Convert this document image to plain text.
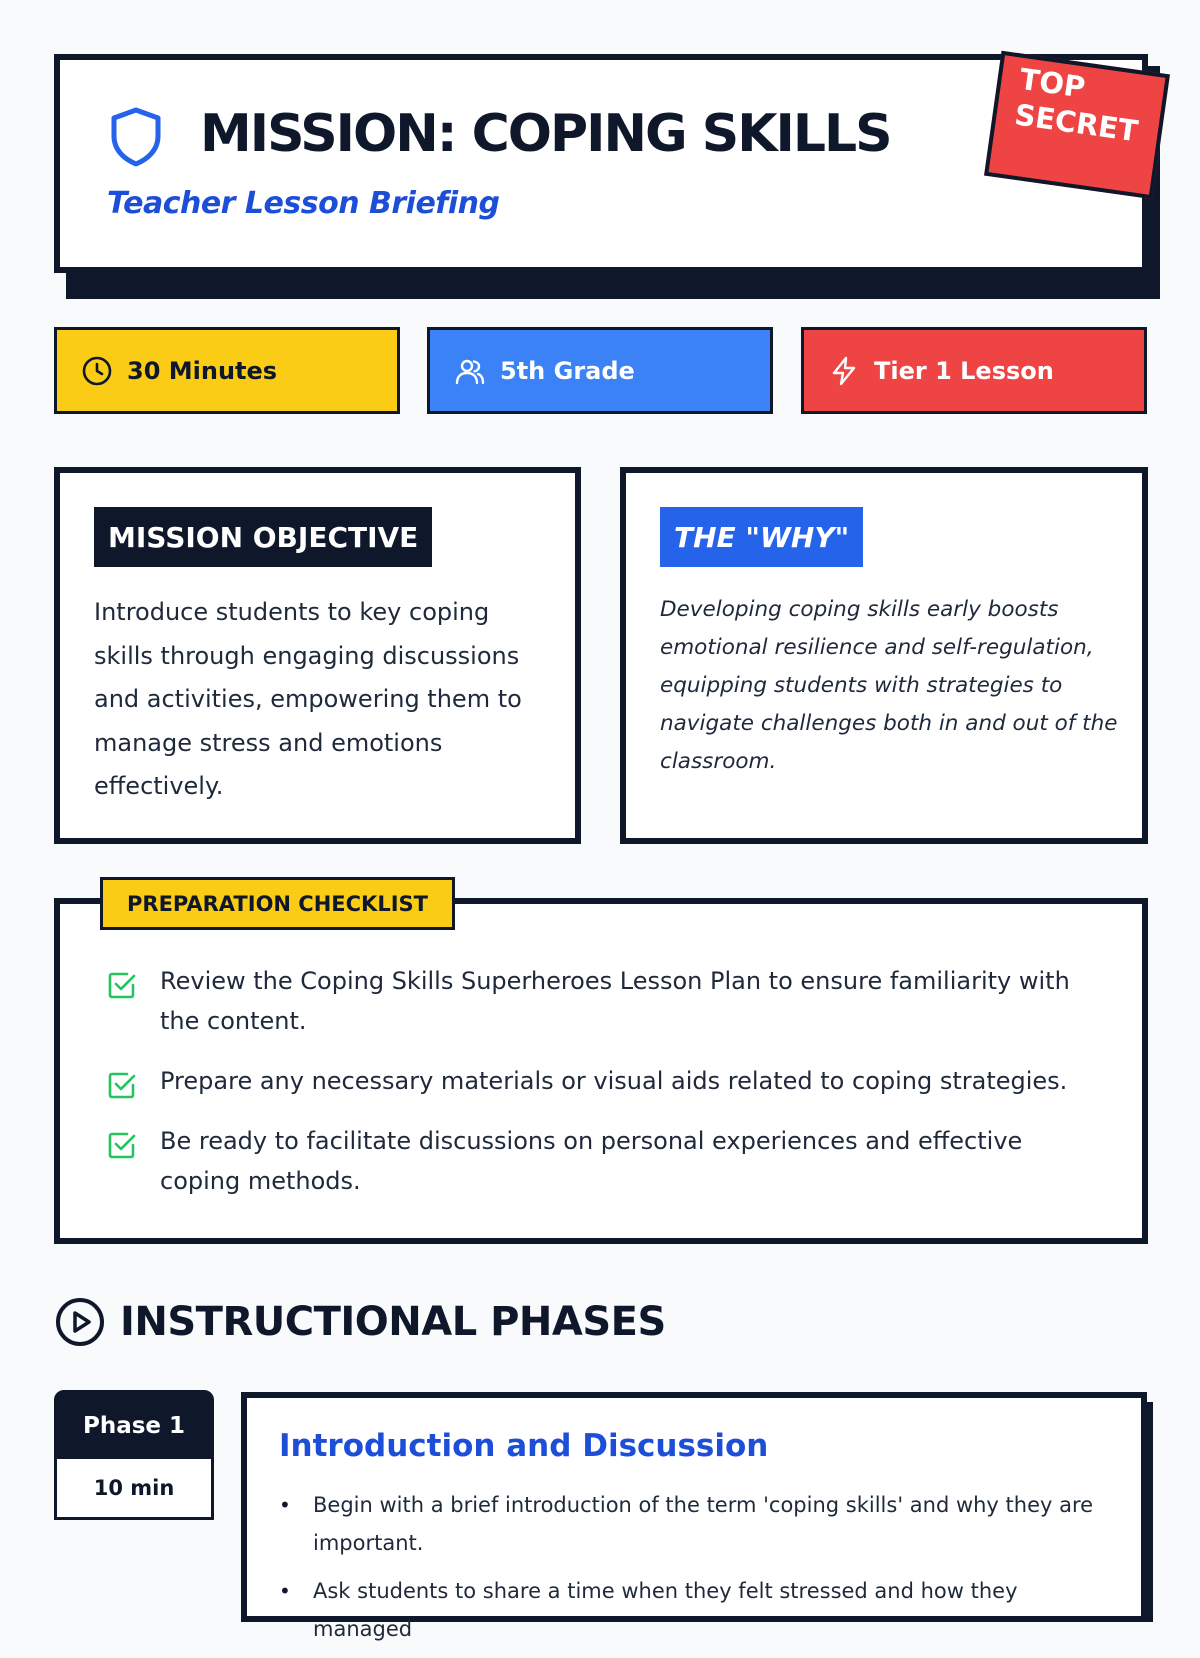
MISSION: COPING SKILLS
Teacher Lesson Briefing
TOP
SECRET
30 Minutes	5th Grade	Tier 1 Lesson
MISSION OBJECTIVE

Introduce students to key coping skills through engaging discussions and activities, empowering them to manage stress and emotions effectively.

THE "WHY"

Developing coping skills early boosts emotional resilience and self-regulation, equipping students with strategies to navigate challenges both in and out of the classroom.

Review the Coping Skills Superheroes Lesson Plan to ensure familiarity with the content.
Prepare any necessary materials or visual aids related to coping strategies.
Be ready to facilitate discussions on personal experiences and effective coping methods.
PREPARATION CHECKLIST
INSTRUCTIONAL PHASES
Phase 1
10 min
Introduction and Discussion
•	Begin with a brief introduction of the term 'coping skills' and why they are important.
•	Ask students to share a time when they felt stressed and how they managed
